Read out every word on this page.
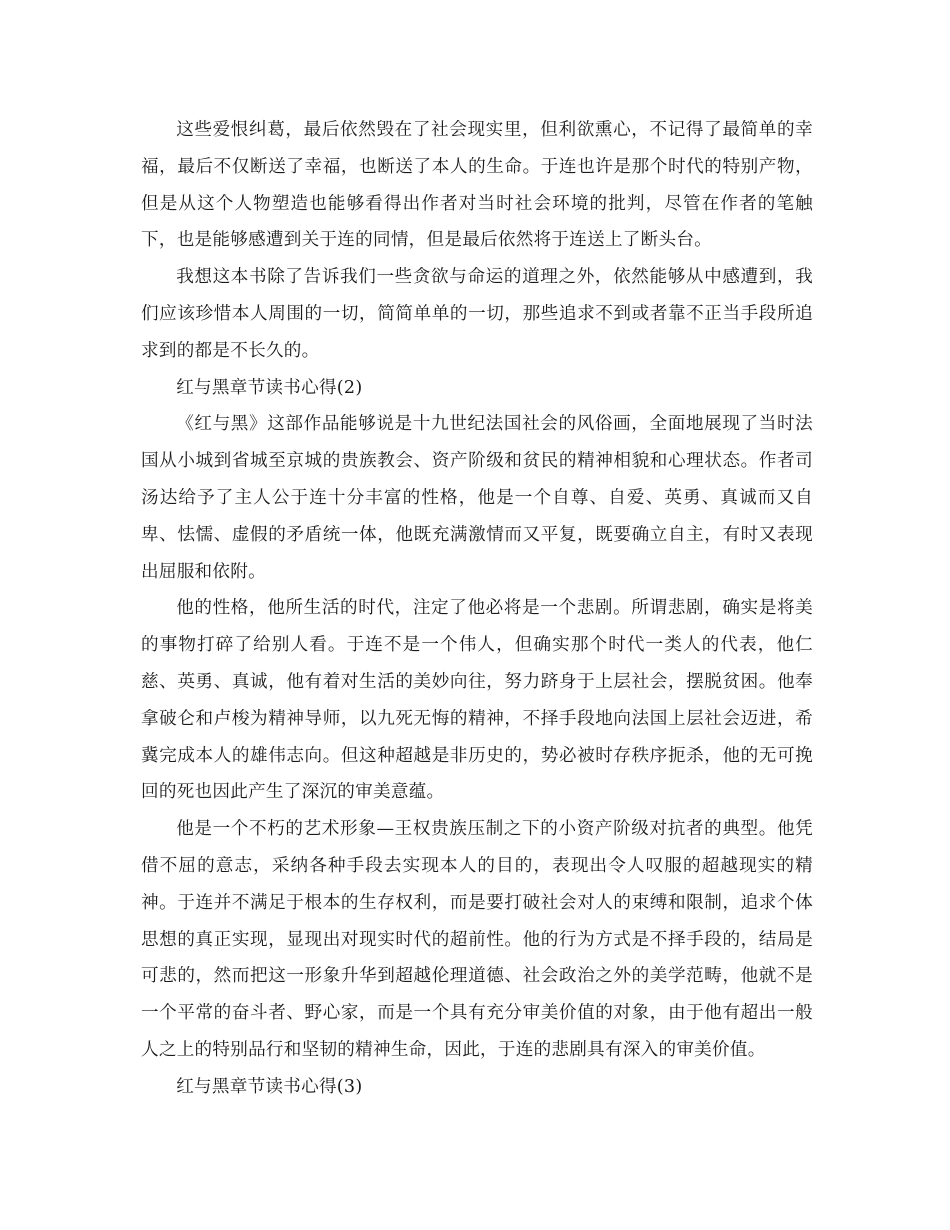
这些爱恨纠葛，最后依然毁在了社会现实里，但利欲熏心，不记得了最简单的幸福，最后不仅断送了幸福，也断送了本人的生命。于连也许是那个时代的特别产物，但是从这个人物塑造也能够看得出作者对当时社会环境的批判，尽管在作者的笔触下，也是能够感遭到关于连的同情，但是最后依然将于连送上了断头台。

我想这本书除了告诉我们一些贪欲与命运的道理之外，依然能够从中感遭到，我们应该珍惜本人周围的一切，简简单单的一切，那些追求不到或者靠不正当手段所追求到的都是不长久的。

红与黑章节读书心得(2)

《红与黑》这部作品能够说是十九世纪法国社会的风俗画，全面地展现了当时法国从小城到省城至京城的贵族教会、资产阶级和贫民的精神相貌和心理状态。作者司汤达给予了主人公于连十分丰富的性格，他是一个自尊、自爱、英勇、真诚而又自卑、怯懦、虚假的矛盾统一体，他既充满激情而又平复，既要确立自主，有时又表现出屈服和依附。

他的性格，他所生活的时代，注定了他必将是一个悲剧。所谓悲剧，确实是将美的事物打碎了给别人看。于连不是一个伟人，但确实那个时代一类人的代表，他仁慈、英勇、真诚，他有着对生活的美妙向往，努力跻身于上层社会，摆脱贫困。他奉拿破仑和卢梭为精神导师，以九死无悔的精神，不择手段地向法国上层社会迈进，希冀完成本人的雄伟志向。但这种超越是非历史的，势必被时存秩序扼杀，他的无可挽回的死也因此产生了深沉的审美意蕴。

他是一个不朽的艺术形象—王权贵族压制之下的小资产阶级对抗者的典型。他凭借不屈的意志，采纳各种手段去实现本人的目的，表现出令人叹服的超越现实的精神。于连并不满足于根本的生存权利，而是要打破社会对人的束缚和限制，追求个体思想的真正实现，显现出对现实时代的超前性。他的行为方式是不择手段的，结局是可悲的，然而把这一形象升华到超越伦理道德、社会政治之外的美学范畴，他就不是一个平常的奋斗者、野心家，而是一个具有充分审美价值的对象，由于他有超出一般人之上的特别品行和坚韧的精神生命，因此，于连的悲剧具有深入的审美价值。

红与黑章节读书心得(3)
